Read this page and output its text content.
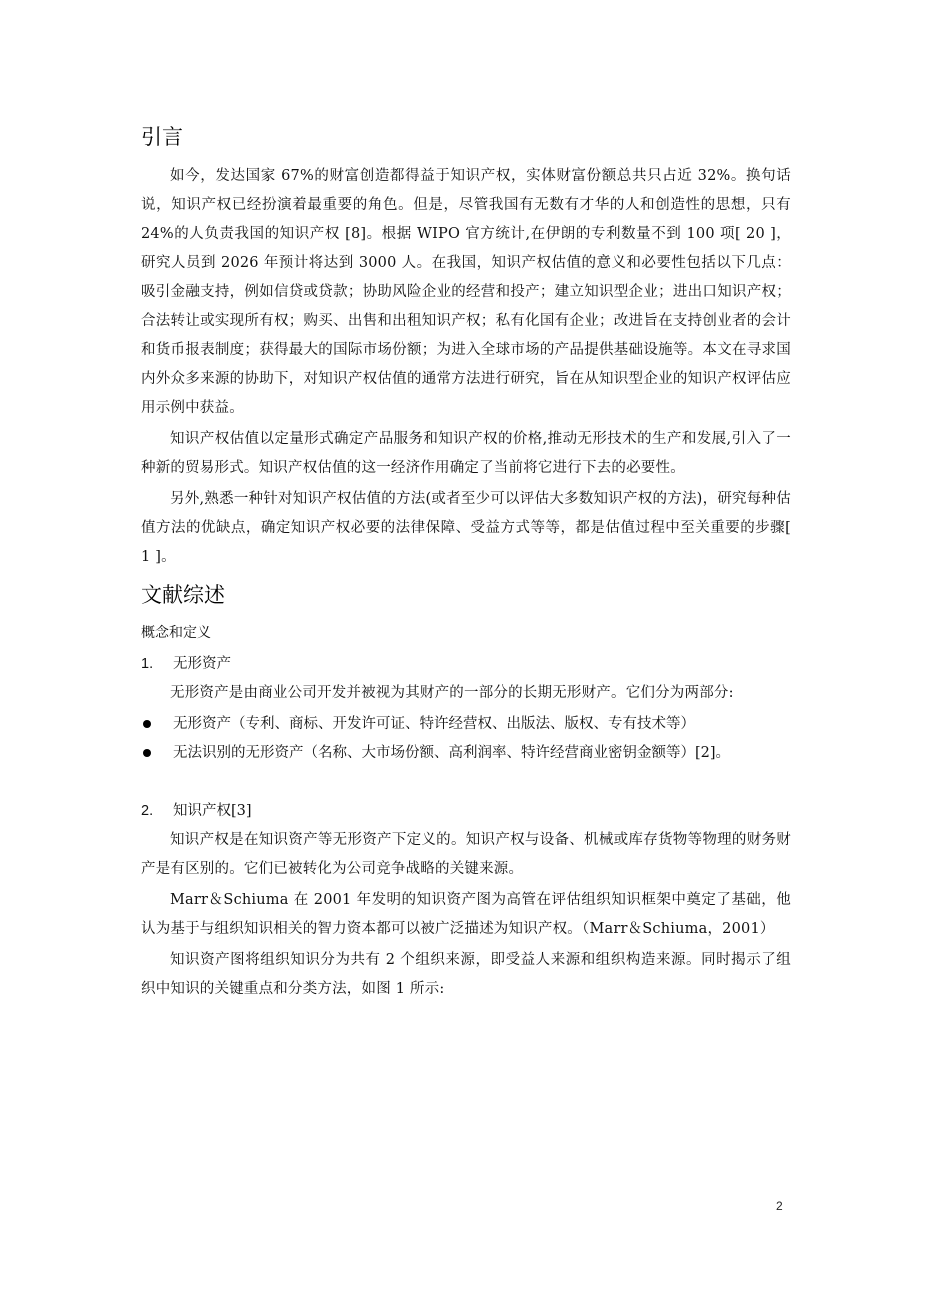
引言

如今，发达国家 67%的财富创造都得益于知识产权，实体财富份额总共只占近 32%。换句话说，知识产权已经扮演着最重要的角色。但是，尽管我国有无数有才华的人和创造性的思想，只有 24%的人负责我国的知识产权 [8]。根据 WIPO 官方统计,在伊朗的专利数量不到 100 项[ 20 ]，研究人员到 2026 年预计将达到 3000 人。在我国，知识产权估值的意义和必要性包括以下几点：吸引金融支持，例如信贷或贷款；协助风险企业的经营和投产；建立知识型企业；进出口知识产权；合法转让或实现所有权；购买、出售和出租知识产权；私有化国有企业；改进旨在支持创业者的会计和货币报表制度；获得最大的国际市场份额；为进入全球市场的产品提供基础设施等。本文在寻求国内外众多来源的协助下，对知识产权估值的通常方法进行研究，旨在从知识型企业的知识产权评估应用示例中获益。

知识产权估值以定量形式确定产品服务和知识产权的价格,推动无形技术的生产和发展,引入了一种新的贸易形式。知识产权估值的这一经济作用确定了当前将它进行下去的必要性。

另外,熟悉一种针对知识产权估值的方法(或者至少可以评估大多数知识产权的方法)，研究每种估值方法的优缺点，确定知识产权必要的法律保障、受益方式等等，都是估值过程中至关重要的步骤[ 1 ]。

文献综述
概念和定义
1.	无形资产

无形资产是由商业公司开发并被视为其财产的一部分的长期无形财产。它们分为两部分:

无形资产（专利、商标、开发许可证、特许经营权、出版法、版权、专有技术等）
无法识别的无形资产（名称、大市场份额、高利润率、特许经营商业密钥金额等）[2]。
2.	知识产权[3]

知识产权是在知识资产等无形资产下定义的。知识产权与设备、机械或库存货物等物理的财务财产是有区别的。它们已被转化为公司竞争战略的关键来源。

Marr＆Schiuma 在 2001 年发明的知识资产图为高管在评估组织知识框架中奠定了基础，他认为基于与组织知识相关的智力资本都可以被广泛描述为知识产权。（Marr＆Schiuma，2001）

知识资产图将组织知识分为共有 2 个组织来源，即受益人来源和组织构造来源。同时揭示了组织中知识的关键重点和分类方法，如图 1 所示:

2
